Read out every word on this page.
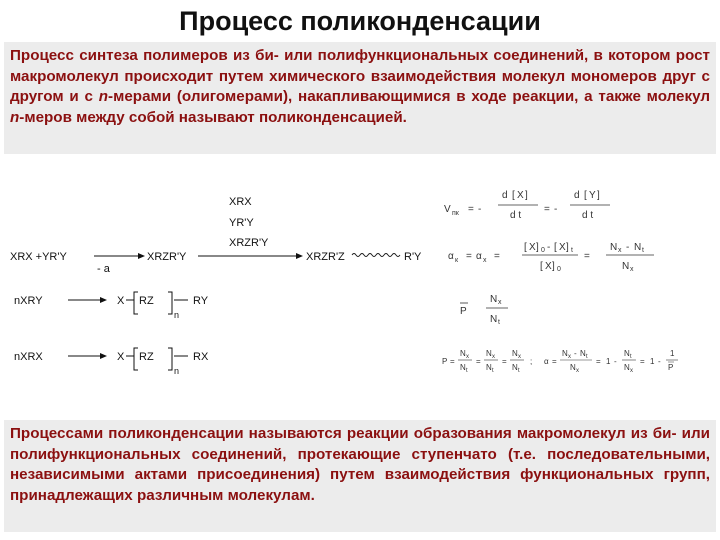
Процесс поликонденсации

Процесс синтеза полимеров из би- или полифункциональных соединений, в котором рост макромолекул происходит путем химического взаимодействия молекул мономеров друг с другом и с n-мерами (олигомерами), накапливающимися в ходе реакции, а также молекул n-меров между собой называют поликонденсацией.

XRX
YR'Y
XRZR'Y
XRX +YR'Y
- a
XRZR'Y	XRZR'Z	R'Y
nXRY	X RZ
n
RY
nXRX	X RZ
n
RX
V пк = -
d [ X ]
d t
= -
d [ Y ]
d t
α к = α х =
[ X ] 0 - [ X ] t
[ X ] 0
=
N х - N t
N х
P
N х
N t
P =
N х
N t
=
N х
N t
=
N х
N t
; α =
N х - N t
N х
= 1 -
N t
N х
= 1 -
1
P

Процессами поликонденсации называются реакции образования макромолекул из би- или полифункциональных соединений, протекающие ступенчато (т.е. последовательными, независимыми актами присоединения) путем взаимодействия функциональных групп, принадлежащих различным молекулам.
